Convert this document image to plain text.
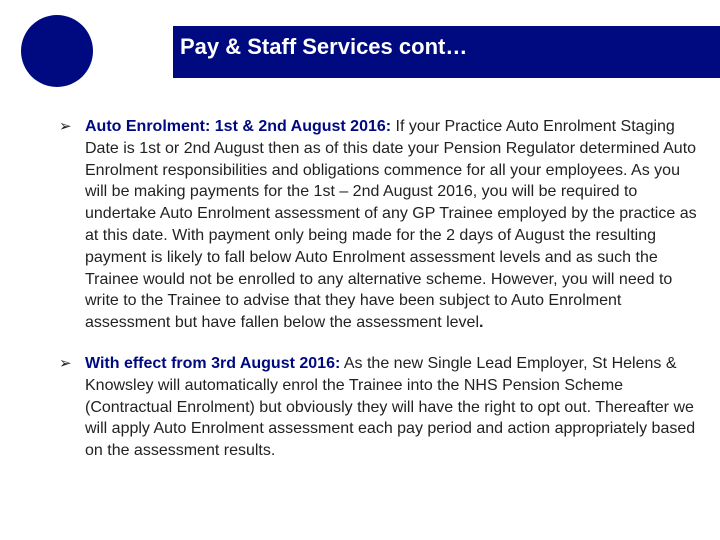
Pay & Staff Services cont…
➢ Auto Enrolment: 1st & 2nd August 2016: If your Practice Auto Enrolment Staging Date is 1st or 2nd August then as of this date your Pension Regulator determined Auto Enrolment responsibilities and obligations commence for all your employees. As you will be making payments for the 1st – 2nd August 2016, you will be required to undertake Auto Enrolment assessment of any GP Trainee employed by the practice as at this date. With payment only being made for the 2 days of August the resulting payment is likely to fall below Auto Enrolment assessment levels and as such the Trainee would not be enrolled to any alternative scheme. However, you will need to write to the Trainee to advise that they have been subject to Auto Enrolment assessment but have fallen below the assessment level.
➢ With effect from 3rd August 2016: As the new Single Lead Employer, St Helens & Knowsley will automatically enrol the Trainee into the NHS Pension Scheme (Contractual Enrolment) but obviously they will have the right to opt out. Thereafter we will apply Auto Enrolment assessment each pay period and action appropriately based on the assessment results.
